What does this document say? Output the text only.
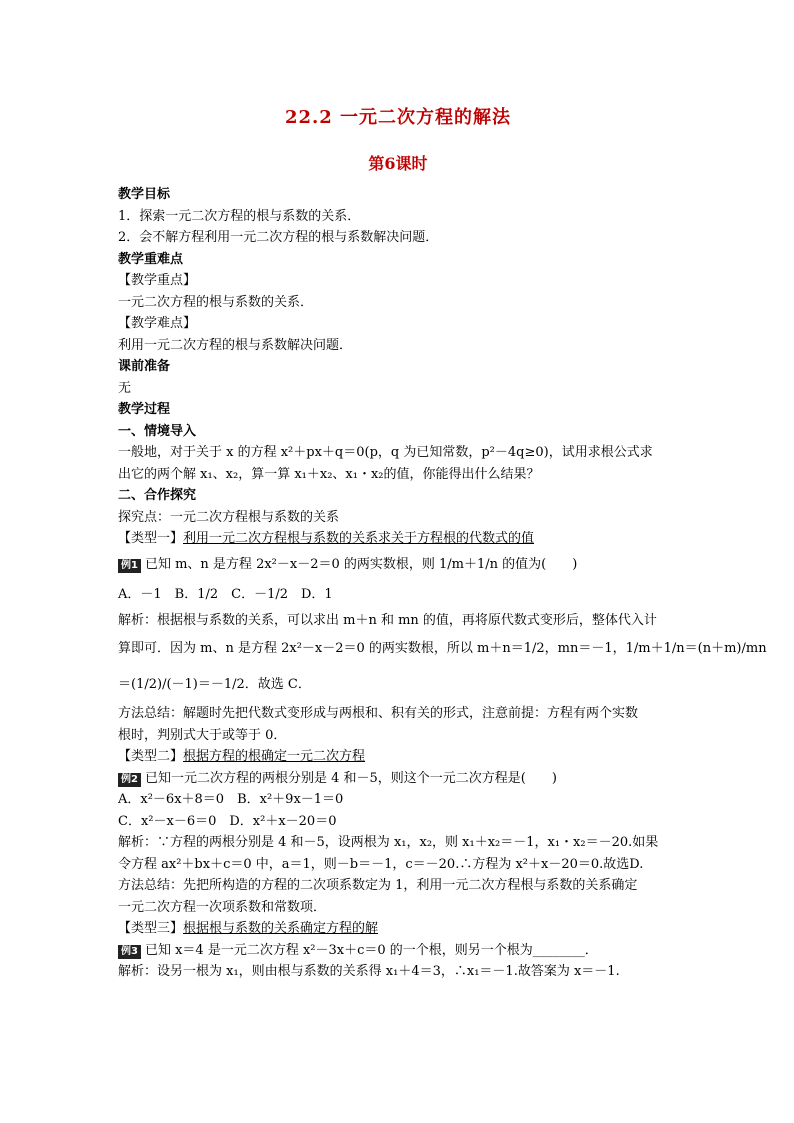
22.2 一元二次方程的解法
第6课时
教学目标
1．探索一元二次方程的根与系数的关系．
2．会不解方程利用一元二次方程的根与系数解决问题．
教学重难点
【教学重点】
一元二次方程的根与系数的关系．
【教学难点】
利用一元二次方程的根与系数解决问题．
课前准备
无
教学过程
一、情境导入
一般地，对于关于 x 的方程 x²＋px＋q＝0(p，q 为已知常数，p²－4q≥0)，试用求根公式求
出它的两个解 x₁、x₂，算一算 x₁＋x₂、x₁・x₂的值，你能得出什么结果？
二、合作探究
探究点：一元二次方程根与系数的关系
【类型一】利用一元二次方程根与系数的关系求关于方程根的代数式的值
例1 已知 m、n 是方程 2x²－x－2＝0 的两实数根，则 1/m＋1/n 的值为(　　)
A．－1　B．1/2　C．－1/2　D．1
解析：根据根与系数的关系，可以求出 m＋n 和 mn 的值，再将原代数式变形后，整体代入计
算即可．因为 m、n 是方程 2x²－x－2＝0 的两实数根，所以 m＋n＝1/2，mn＝－1，1/m＋1/n＝(n＋m)/mn
＝(1/2)/(－1)＝－1/2．故选 C．
方法总结：解题时先把代数式变形成与两根和、积有关的形式，注意前提：方程有两个实数
根时，判别式大于或等于 0．
【类型二】根据方程的根确定一元二次方程
例2 已知一元二次方程的两根分别是 4 和－5，则这个一元二次方程是(　　)
A．x²－6x＋8＝0　B．x²＋9x－1＝0
C．x²－x－6＝0　D．x²＋x－20＝0
解析：∵方程的两根分别是 4 和－5，设两根为 x₁，x₂，则 x₁＋x₂＝－1，x₁・x₂＝－20.如果
令方程 ax²＋bx＋c＝0 中，a＝1，则－b＝－1，c＝－20.∴方程为 x²＋x－20＝0.故选D.
方法总结：先把所构造的方程的二次项系数定为 1，利用一元二次方程根与系数的关系确定
一元二次方程一次项系数和常数项．
【类型三】根据根与系数的关系确定方程的解
例3 已知 x＝4 是一元二次方程 x²－3x＋c＝0 的一个根，则另一个根为________．
解析：设另一根为 x₁，则由根与系数的关系得 x₁＋4＝3，∴x₁＝－1.故答案为 x＝－1.
